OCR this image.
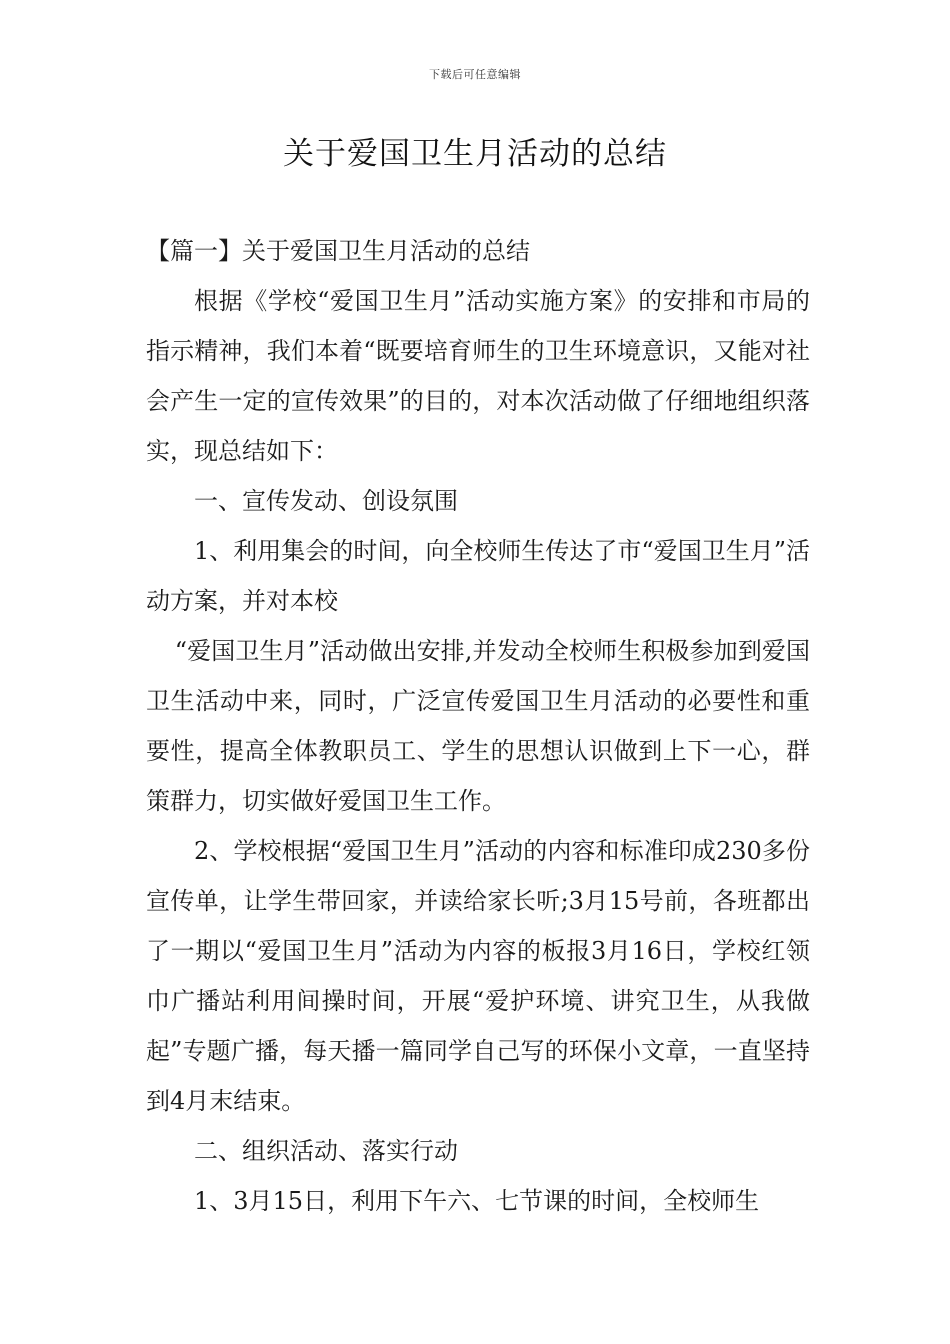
下载后可任意编辑
关于爱国卫生月活动的总结

【篇一】关于爱国卫生月活动的总结

根据《学校“爱国卫生月”活动实施方案》的安排和市局的指示精神，我们本着“既要培育师生的卫生环境意识，又能对社会产生一定的宣传效果”的目的，对本次活动做了仔细地组织落实，现总结如下：

一、宣传发动、创设氛围

1、利用集会的时间，向全校师生传达了市“爱国卫生月”活动方案，并对本校

“爱国卫生月”活动做出安排,并发动全校师生积极参加到爱国卫生活动中来，同时，广泛宣传爱国卫生月活动的必要性和重要性，提高全体教职员工、学生的思想认识做到上下一心，群策群力，切实做好爱国卫生工作。

2、学校根据“爱国卫生月”活动的内容和标准印成230多份宣传单，让学生带回家，并读给家长听;3月15号前，各班都出了一期以“爱国卫生月”活动为内容的板报3月16日，学校红领巾广播站利用间操时间，开展“爱护环境、讲究卫生，从我做起”专题广播，每天播一篇同学自己写的环保小文章，一直坚持到4月末结束。

二、组织活动、落实行动

1、3月15日，利用下午六、七节课的时间，全校师生
